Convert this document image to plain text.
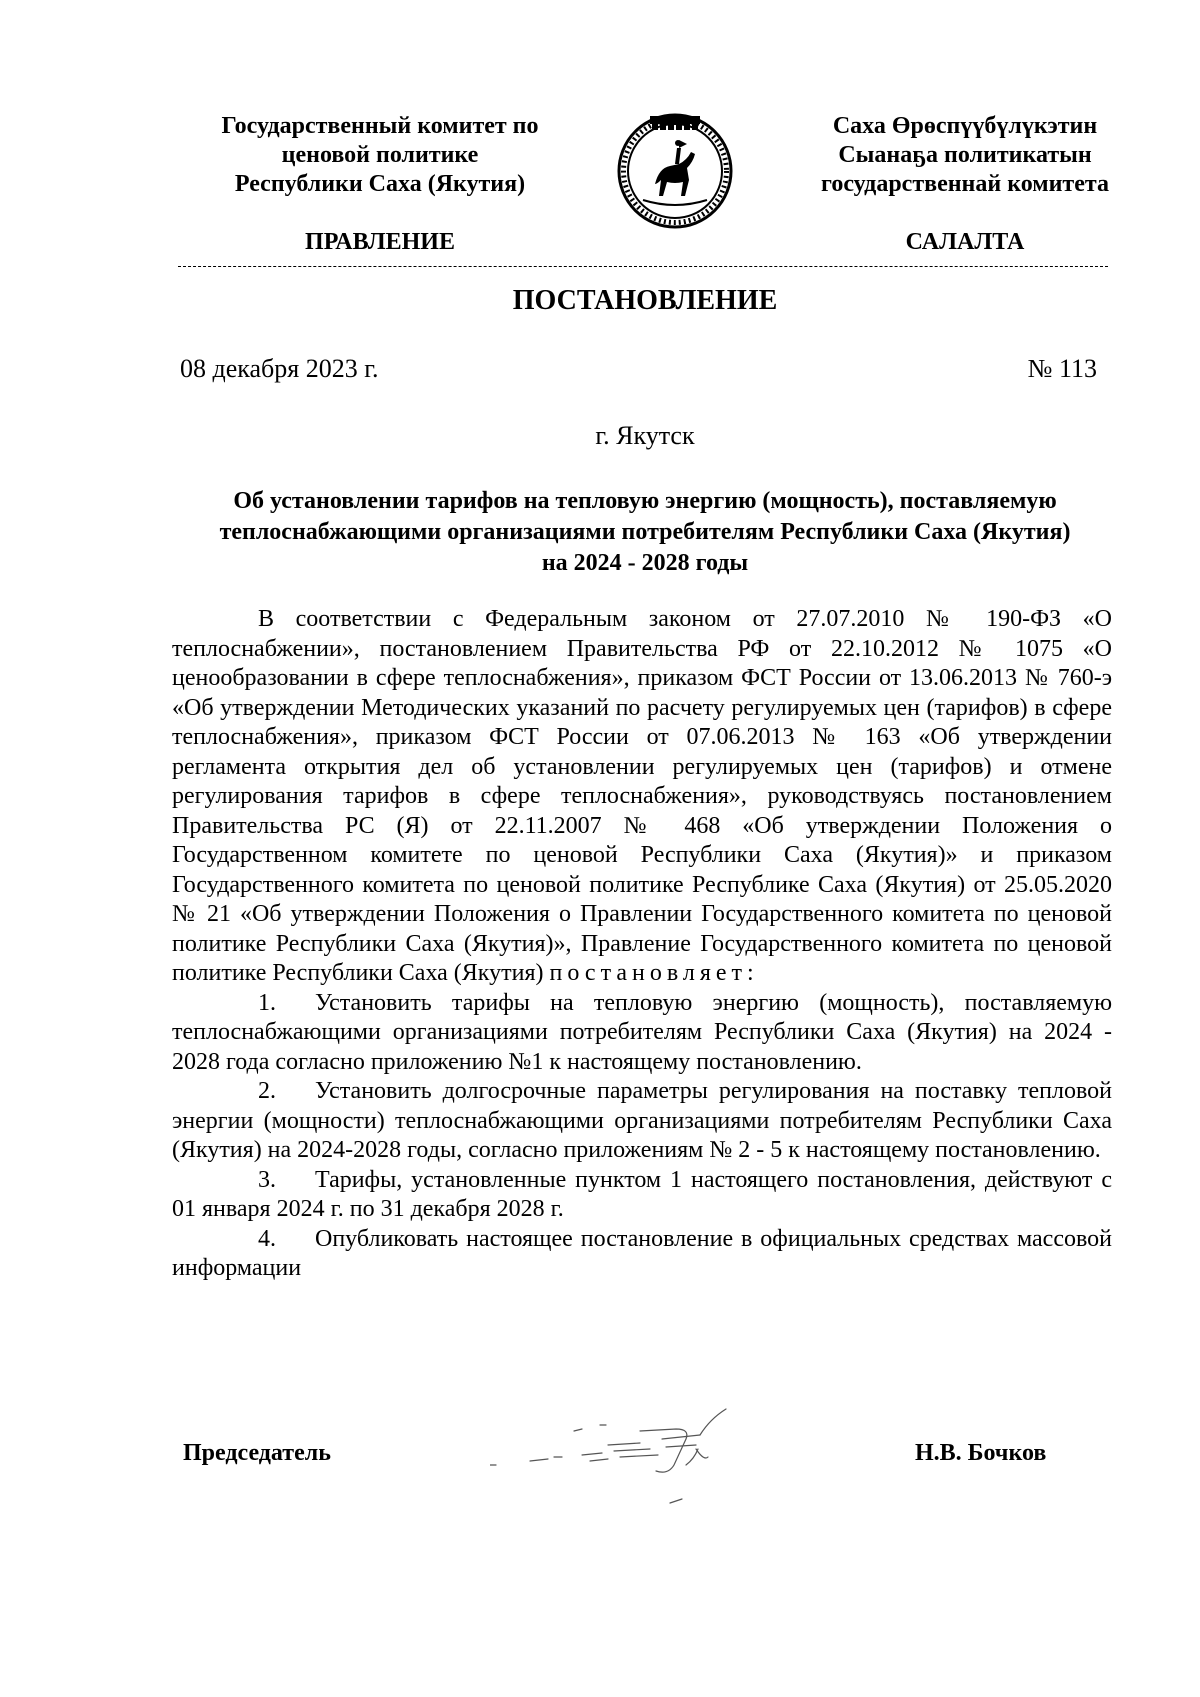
Государственный комитет по
ценовой политике
Республики Саха (Якутия)
Саха Өрөспүүбүлүкэтин
Сыанаҕа политикатын
государственнай комитета
ПРАВЛЕНИЕ	САЛАЛТА
ПОСТАНОВЛЕНИЕ
08 декабря 2023 г.	№ 113
г. Якутск
Об установлении тарифов на тепловую энергию (мощность), поставляемую
теплоснабжающими организациями потребителям Республики Саха (Якутия)
на 2024 - 2028 годы

В соответствии с Федеральным законом от 27.07.2010 № 190-ФЗ «О теплоснабжении», постановлением Правительства РФ от 22.10.2012 № 1075 «О ценообразовании в сфере теплоснабжения», приказом ФСТ России от 13.06.2013 № 760-э «Об утверждении Методических указаний по расчету регулируемых цен (тарифов) в сфере теплоснабжения», приказом ФСТ России от 07.06.2013 № 163 «Об утверждении регламента открытия дел об установлении регулируемых цен (тарифов) и отмене регулирования тарифов в сфере теплоснабжения», руководствуясь постановлением Правительства РС (Я) от 22.11.2007 № 468 «Об утверждении Положения о Государственном комитете по ценовой Республики Саха (Якутия)» и приказом Государственного комитета по ценовой политике Республике Саха (Якутия) от 25.05.2020 № 21 «Об утверждении Положения о Правлении Государственного комитета по ценовой политике Республики Саха (Якутия)», Правление Государственного комитета по ценовой политике Республики Саха (Якутия) постановляет:

1. Установить тарифы на тепловую энергию (мощность), поставляемую теплоснабжающими организациями потребителям Республики Саха (Якутия) на 2024 - 2028 года согласно приложению №1 к настоящему постановлению.

2. Установить долгосрочные параметры регулирования на поставку тепловой энергии (мощности) теплоснабжающими организациями потребителям Республики Саха (Якутия) на 2024-2028 годы, согласно приложениям № 2 - 5 к настоящему постановлению.

3. Тарифы, установленные пунктом 1 настоящего постановления, действуют с 01 января 2024 г. по 31 декабря 2028 г.

4. Опубликовать настоящее постановление в официальных средствах массовой информации

Председатель	Н.В. Бочков
